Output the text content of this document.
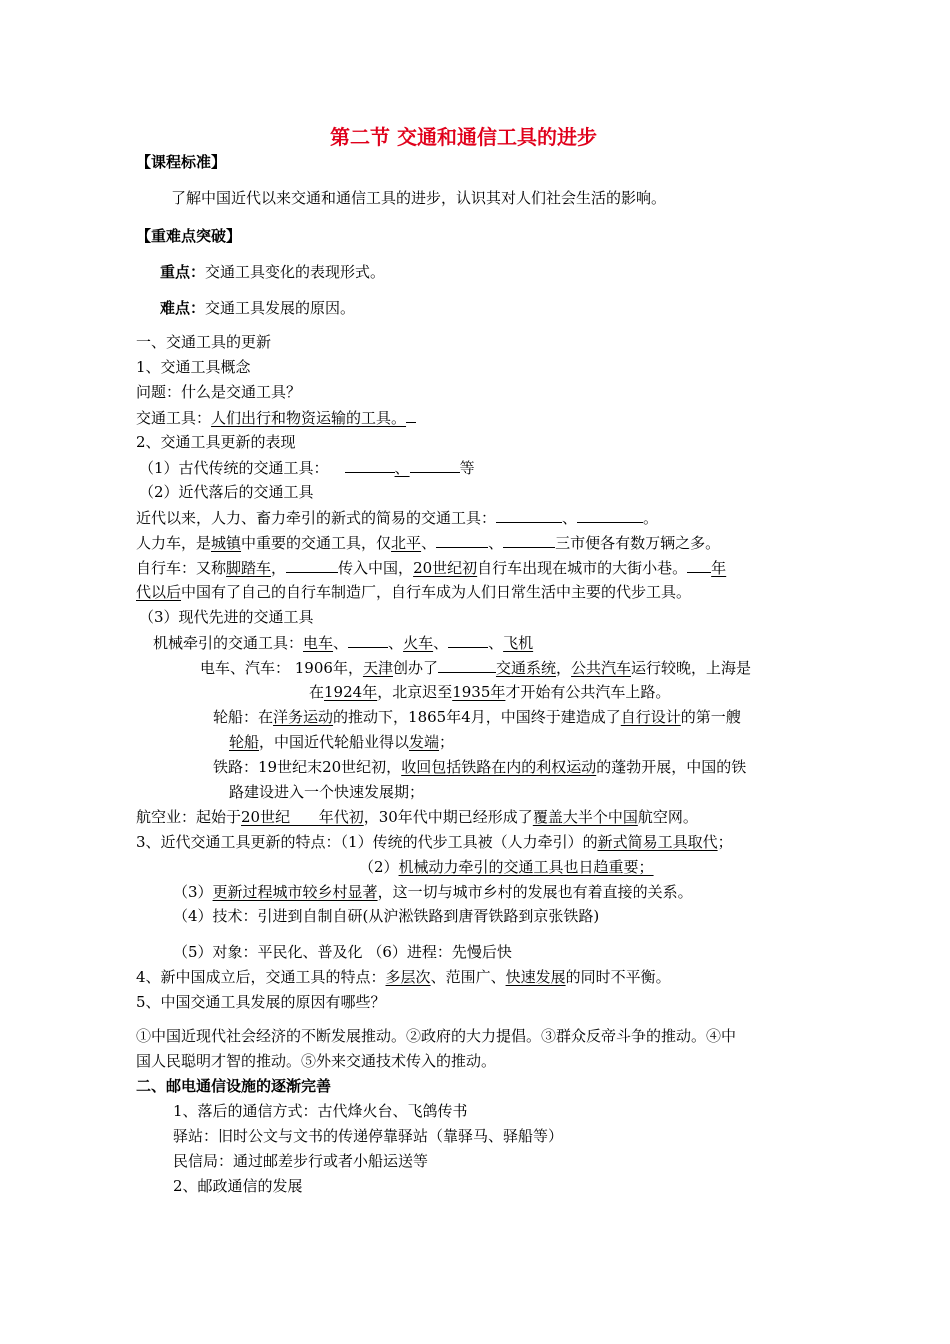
第二节 交通和通信工具的进步
【课程标准】
了解中国近代以来交通和通信工具的进步，认识其对人们社会生活的影响。
【重难点突破】
重点：交通工具变化的表现形式。
难点：交通工具发展的原因。
一、交通工具的更新
1、交通工具概念
问题：什么是交通工具？
交通工具：人们出行和物资运输的工具。
2、交通工具更新的表现
（1）古代传统的交通工具：	、	等
（2）近代落后的交通工具
近代以来，人力、畜力牵引的新式的简易的交通工具：	、	。
人力车，是城镇中重要的交通工具，仅北平、	、	三市便各有数万辆之多。
自行车：又称脚踏车，	传入中国，20世纪初自行车出现在城市的大街小巷。 年
代以后中国有了自己的自行车制造厂，自行车成为人们日常生活中主要的代步工具。
（3）现代先进的交通工具
机械牵引的交通工具：电车、	、火车、	、飞机
电车、汽车： 1906年，天津创办了	交通系统，公共汽车运行较晚，上海是
在1924年，北京迟至1935年才开始有公共汽车上路。
轮船：在洋务运动的推动下，1865年4月，中国终于建造成了自行设计的第一艘
轮船，中国近代轮船业得以发端；
铁路：19世纪末20世纪初，收回包括铁路在内的利权运动的蓬勃开展，中国的铁
路建设进入一个快速发展期；
航空业：起始于20世纪      年代初，30年代中期已经形成了覆盖大半个中国航空网。
3、近代交通工具更新的特点：（1）传统的代步工具被（人力牵引）的新式简易工具取代；
（2）机械动力牵引的交通工具也日趋重要；
（3）更新过程城市较乡村显著，这一切与城市乡村的发展也有着直接的关系。
（4）技术：引进到自制自研(从沪淞铁路到唐胥铁路到京张铁路)
（5）对象：平民化、普及化 （6）进程：先慢后快
4、新中国成立后，交通工具的特点：多层次、范围广、快速发展的同时不平衡。
5、中国交通工具发展的原因有哪些？
①中国近现代社会经济的不断发展推动。②政府的大力提倡。③群众反帝斗争的推动。④中
国人民聪明才智的推动。⑤外来交通技术传入的推动。
二、邮电通信设施的逐渐完善
1、落后的通信方式：古代烽火台、飞鸽传书
驿站：旧时公文与文书的传递停靠驿站（靠驿马、驿船等）
民信局：通过邮差步行或者小船运送等
2、邮政通信的发展
